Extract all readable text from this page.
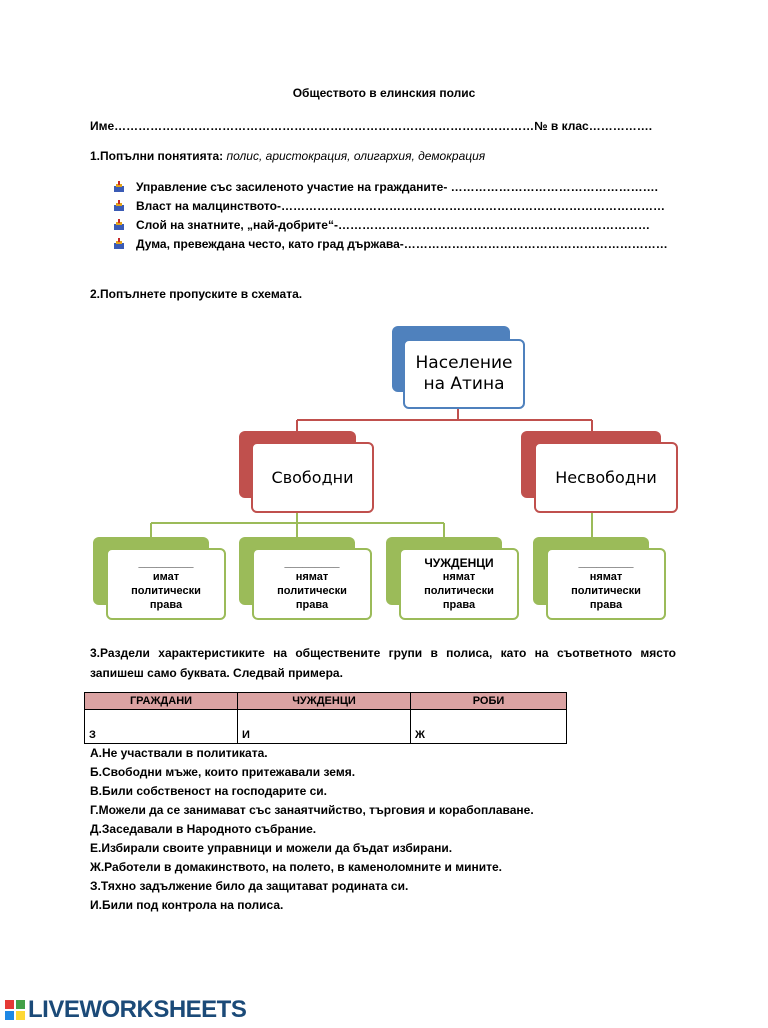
Обществото в елинския полис
Име……………………………………………………………………………………………№ в клас…………….
1.Попълни понятията: полис, аристокрация, олигархия, демокрация
Управление със засиленото участие на гражданите- …………………………………………….
Власт на малцинството-……………………………………………………………………………………
Слой на знатните, „най-добрите“-……………………………………………………………………
Дума, превеждана често, като град държава-…………………………………………………………
2.Попълнете пропуските в схемата.
Население
на Атина
Свободни	Несвободни
_________
имат
политически
права
_________
нямат
политически
права
ЧУЖДЕНЦИ
нямат
политически
права
_________
нямат
политически
права
3.Раздели характеристиките на обществените групи в полиса, като на съответното място запишеш само буквата. Следвай примера.
ГРАЖДАНИ	ЧУЖДЕНЦИ	РОБИ
З	И	Ж
А.Не участвали в политиката.
Б.Свободни мъже, които притежавали земя.
В.Били собственост на господарите си.
Г.Можели да се занимават със занаятчийство, търговия и корабоплаване.
Д.Заседавали в Народното събрание.
Е.Избирали своите управници и можели да бъдат избирани.
Ж.Работели в домакинството, на полето, в каменоломните и мините.
З.Тяхно задължение било да защитават родината си.
И.Били под контрола на полиса.
LIVEWORKSHEETS
